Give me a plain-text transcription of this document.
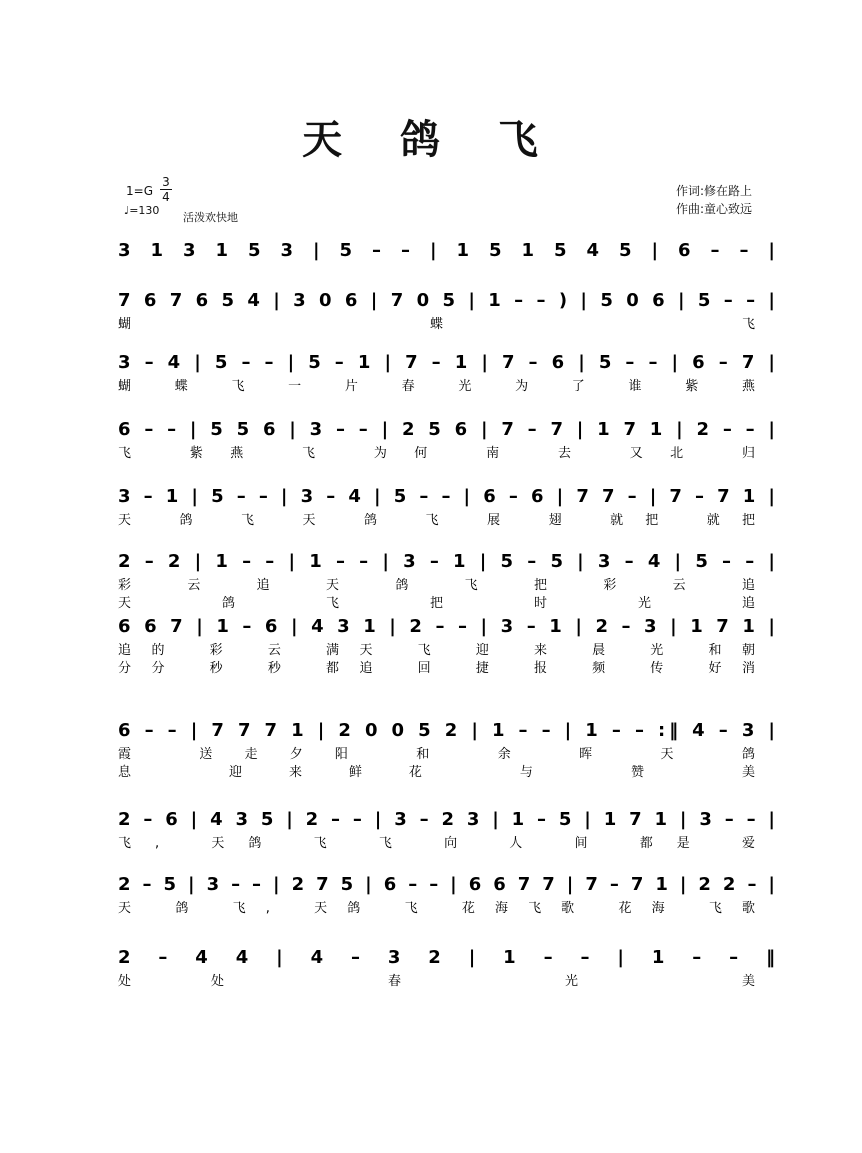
天 鸽 飞
1=G
3
4
♩=130
活泼欢快地
作词:修在路上
作曲:童心致远
3 1 3 1 5 3 | 5 – – | 1 5 1 5 4 5 | 6 – – |
7 6 7 6 5 4 | 3 0 6 | 7 0 5 | 1 – – ) | 5 0 6 | 5 – – |
蝴 蝶 飞
3 – 4 | 5 – – | 5 – 1 | 7 – 1 | 7 – 6 | 5 – – | 6 – 7 |
蝴 蝶 飞 一 片 春 光 为 了 谁 紫 燕
6 – – | 5 5 6 | 3 – – | 2 5 6 | 7 – 7 | 1 7 1 | 2 – – |
飞 紫燕 飞 为何 南 去 又北 归
3 – 1 | 5 – – | 3 – 4 | 5 – – | 6 – 6 | 7 7 – | 7 – 7 1 |
天 鸽 飞 天 鸽 飞 展 翅 就把 就把
2 – 2 | 1 – – | 1 – – | 3 – 1 | 5 – 5 | 3 – 4 | 5 – – |
彩 云 追 天 鸽 飞 把 彩 云 追
天 鸽 飞 把 时 光 追
6 6 7 | 1 – 6 | 4 3 1 | 2 – – | 3 – 1 | 2 – 3 | 1 7 1 |
追的 彩 云 满天 飞 迎 来 晨 光 和朝
分分 秒 秒 都追 回 捷 报 频 传 好消
6 – – | 7 7 7 1 | 2 0 0 5 2 | 1 – – | 1 – – :‖ 4 – 3 |
霞 送走夕阳 和 余 晖 天 鸽
息 迎来鲜花 与 赞 美
2 – 6 | 4 3 5 | 2 – – | 3 – 2 3 | 1 – 5 | 1 7 1 | 3 – – |
飞, 天鸽 飞 飞 向 人 间 都是 爱
2 – 5 | 3 – – | 2 7 5 | 6 – – | 6 6 7 7 | 7 – 7 1 | 2 2 – |
天 鸽 飞, 天鸽 飞 花海飞歌 花海 飞歌
2 – 4 4 | 4 – 3 2 | 1 – – | 1 – – ‖
处处 春 光 美
